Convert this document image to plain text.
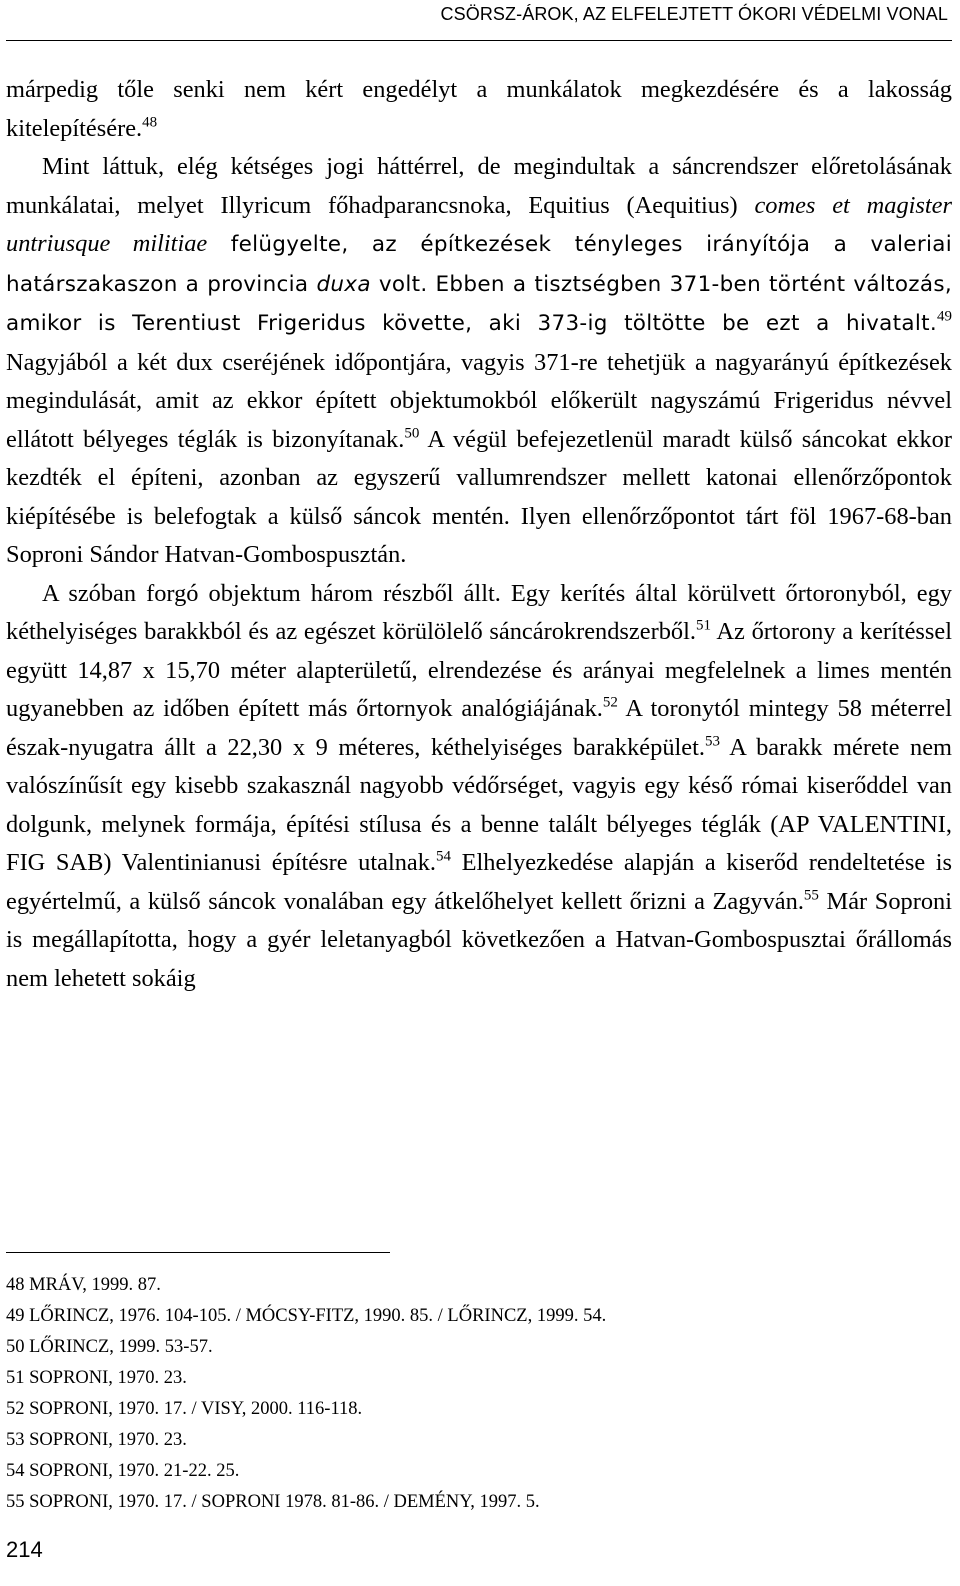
CSÖRSZ-ÁROK, AZ ELFELEJTETT ÓKORI VÉDELMI VONAL

márpedig tőle senki nem kért engedélyt a munkálatok megkezdésére és a lakosság kitelepítésére.$^{48}$

Mint láttuk, elég kétséges jogi háttérrel, de megindultak a sáncrendszer előretolásának munkálatai, melyet Illyricum főhadparancsnoka, Equitius (Aequitius) comes et magister untriusque militiae felügyelte, az építkezések tényleges irányítója a valeriai határszakaszon a provincia duxa volt. Ebben a tisztségben 371-ben történt változás, amikor is Terentiust Frigeridus követte, aki 373-ig töltötte be ezt a hivatalt.$^{49}$ Nagyjából a két dux cseréjének időpontjára, vagyis 371-re tehetjük a nagyarányú építkezések megindulását, amit az ekkor épített objektumokból előkerült nagyszámú Frigeridus névvel ellátott bélyeges téglák is bizonyítanak.$^{50}$ A végül befejezetlenül maradt külső sáncokat ekkor kezdték el építeni, azonban az egyszerű vallumrendszer mellett katonai ellenőrzőpontok kiépítésébe is belefogtak a külső sáncok mentén. Ilyen ellenőrzőpontot tárt föl 1967-68-ban Soproni Sándor Hatvan-Gombospusztán.

A szóban forgó objektum három részből állt. Egy kerítés által körülvett őrtoronyból, egy kéthelyiséges barakkból és az egészet körülölelő sáncárokrendszerből.$^{51}$ Az őrtorony a kerítéssel együtt 14,87 x 15,70 méter alapterületű, elrendezése és arányai megfelelnek a limes mentén ugyanebben az időben épített más őrtornyok analógiájának.$^{52}$ A toronytól mintegy 58 méterrel észak-nyugatra állt a 22,30 x 9 méteres, kéthelyiséges barakképület.$^{53}$ A barakk mérete nem valószínűsít egy kisebb szakasznál nagyobb védőrséget, vagyis egy késő római kiserőddel van dolgunk, melynek formája, építési stílusa és a benne talált bélyeges téglák (AP VALENTINI, FIG SAB) Valentinianusi építésre utalnak.$^{54}$ Elhelyezkedése alapján a kiserőd rendeltetése is egyértelmű, a külső sáncok vonalában egy átkelőhelyet kellett őrizni a Zagyván.$^{55}$ Már Soproni is megállapította, hogy a gyér leletanyagból következően a Hatvan-Gombospusztai őrállomás nem lehetett sokáig

48 MRÁV, 1999. 87.
49 LŐRINCZ, 1976. 104-105. / MÓCSY-FITZ, 1990. 85. / LŐRINCZ, 1999. 54.
50 LŐRINCZ, 1999. 53-57.
51 SOPRONI, 1970. 23.
52 SOPRONI, 1970. 17. / VISY, 2000. 116-118.
53 SOPRONI, 1970. 23.
54 SOPRONI, 1970. 21-22. 25.
55 SOPRONI, 1970. 17. / SOPRONI 1978. 81-86. / DEMÉNY, 1997. 5.
214
